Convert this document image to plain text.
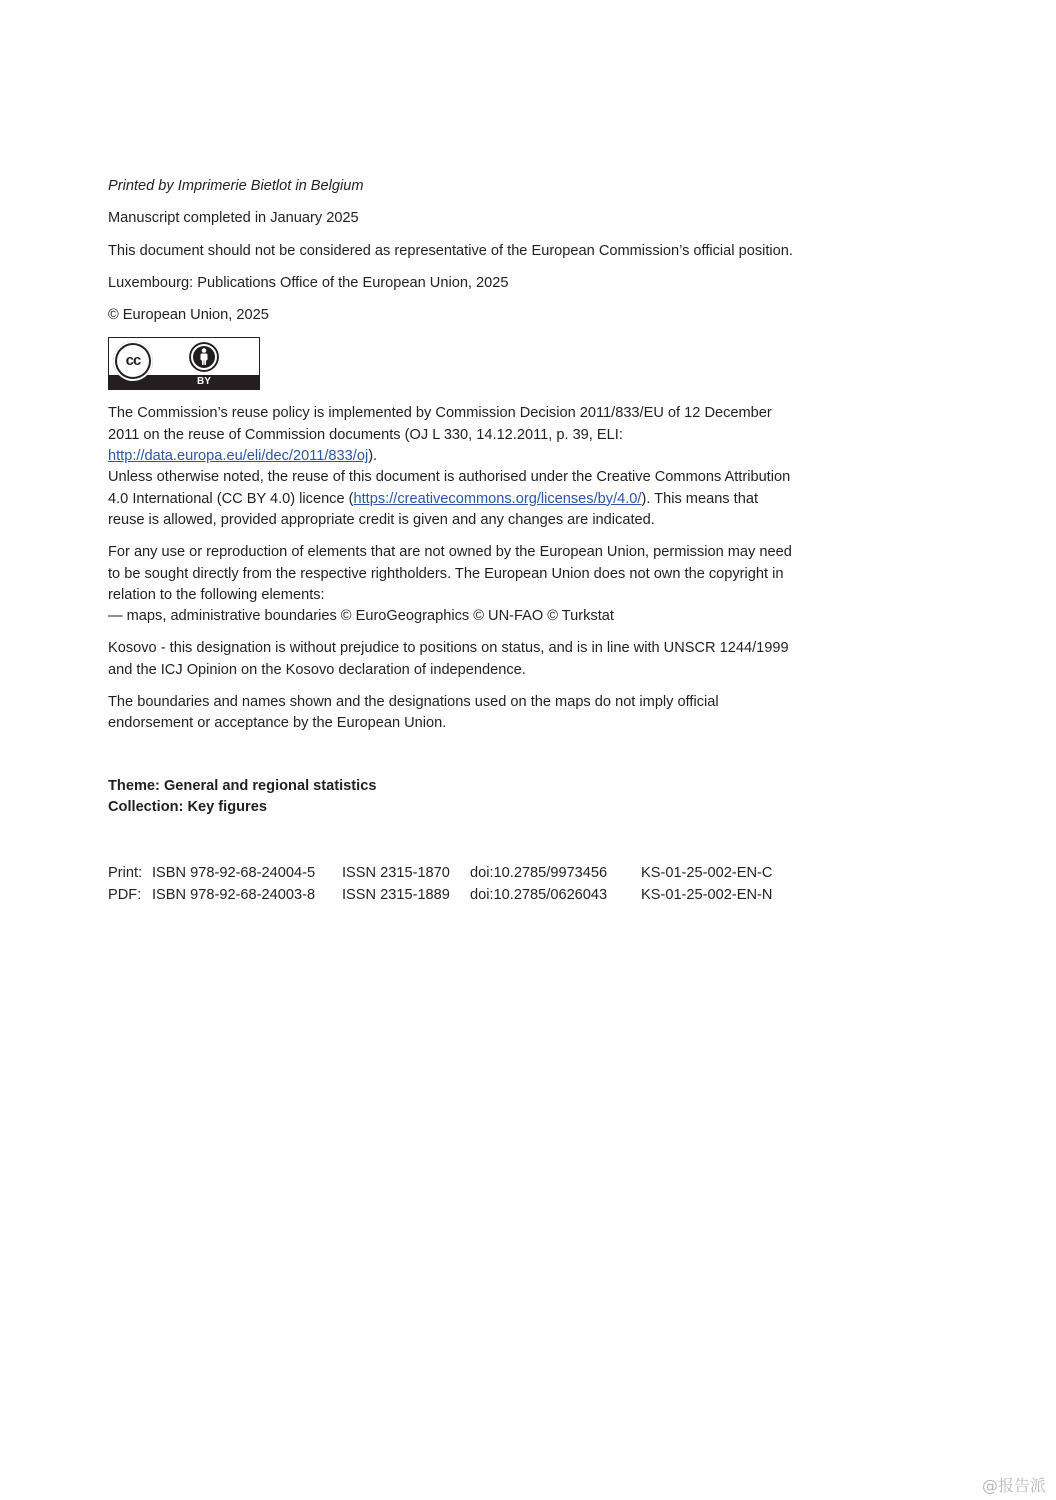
Printed by Imprimerie Bietlot in Belgium

Manuscript completed in January 2025

This document should not be considered as representative of the European Commission’s official position.

Luxembourg: Publications Office of the European Union, 2025

© European Union, 2025

cc
BY

The Commission’s reuse policy is implemented by Commission Decision 2011/833/EU of 12 December 2011 on the reuse of Commission documents (OJ L 330, 14.12.2011, p. 39, ELI: http://data.europa.eu/eli/dec/2011/833/oj).

Unless otherwise noted, the reuse of this document is authorised under the Creative Commons Attribution 4.0 International (CC BY 4.0) licence (https://creativecommons.org/licenses/by/4.0/). This means that reuse is allowed, provided appropriate credit is given and any changes are indicated.

For any use or reproduction of elements that are not owned by the European Union, permission may need to be sought directly from the respective rightholders. The European Union does not own the copyright in relation to the following elements:
— maps, administrative boundaries © EuroGeographics © UN-FAO © Turkstat

Kosovo - this designation is without prejudice to positions on status, and is in line with UNSCR 1244/1999 and the ICJ Opinion on the Kosovo declaration of independence.

The boundaries and names shown and the designations used on the maps do not imply official endorsement or acceptance by the European Union.

Theme: General and regional statistics
Collection: Key figures
Print: ISBN 978-92-68-24004-5	ISSN 2315-1870	doi:10.2785/9973456	KS-01-25-002-EN-C
PDF: ISBN 978-92-68-24003-8	ISSN 2315-1889	doi:10.2785/0626043	KS-01-25-002-EN-N
@报告派
